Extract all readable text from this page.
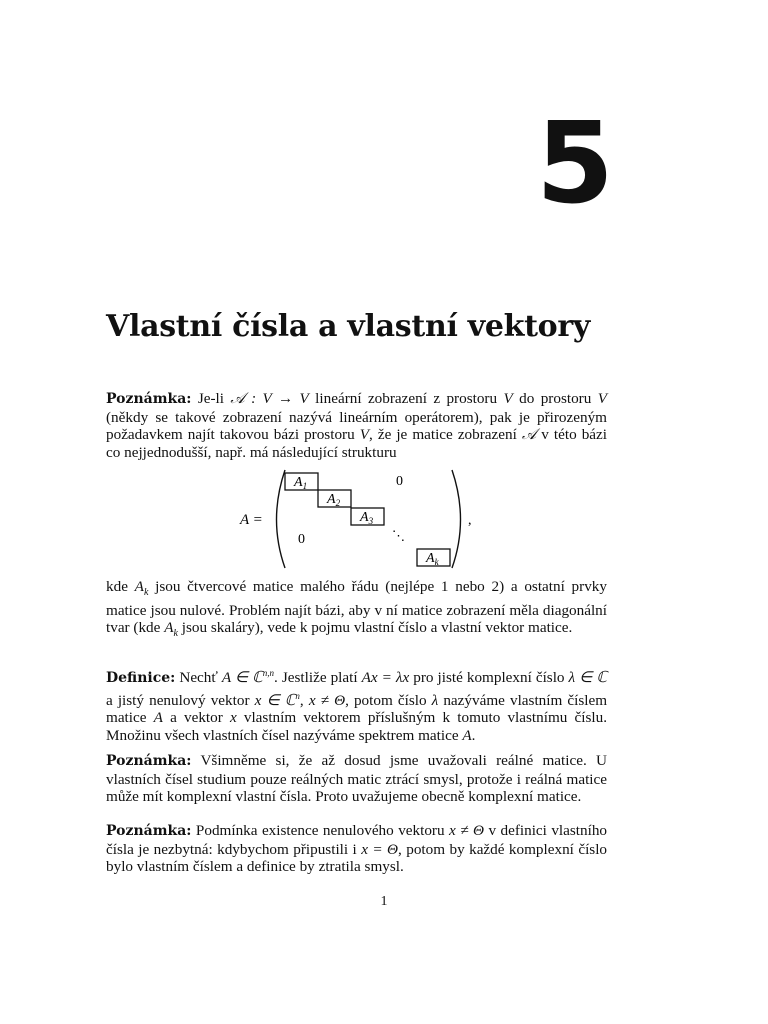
5
Vlastní čísla a vlastní vektory

Poznámka: Je-li 𝒜 : V → V lineární zobrazení z prostoru V do prostoru V (někdy se takové zobrazení nazývá lineárním operátorem), pak je přirozeným požadavkem najít takovou bázi prostoru V, že je matice zobrazení 𝒜 v této bázi co nejjednodušší, např. má následující strukturu

A =
$A_1$
$A_2$
$A_3$
$A_k$
0
0	⋱
,

kde $A_k$ jsou čtvercové matice malého řádu (nejlépe 1 nebo 2) a ostatní prvky matice jsou nulové. Problém najít bázi, aby v ní matice zobrazení měla diagonální tvar (kde $A_k$ jsou skaláry), vede k pojmu vlastní číslo a vlastní vektor matice.

Definice: Nechť A ∈ ℂ$^{n,n}$. Jestliže platí Ax = λx pro jisté komplexní číslo λ ∈ ℂ a jistý nenulový vektor x ∈ ℂ$^n$, x ≠ Θ, potom číslo λ nazýváme vlastním číslem matice A a vektor x vlastním vektorem příslušným k tomuto vlastnímu číslu. Množinu všech vlastních čísel nazýváme spektrem matice A.

Poznámka: Všimněme si, že až dosud jsme uvažovali reálné matice. U vlastních čísel studium pouze reálných matic ztrácí smysl, protože i reálná matice může mít komplexní vlastní čísla. Proto uvažujeme obecně komplexní matice.

Poznámka: Podmínka existence nenulového vektoru x ≠ Θ v definici vlastního čísla je nezbytná: kdybychom připustili i x = Θ, potom by každé komplexní číslo bylo vlastním číslem a definice by ztratila smysl.

1
